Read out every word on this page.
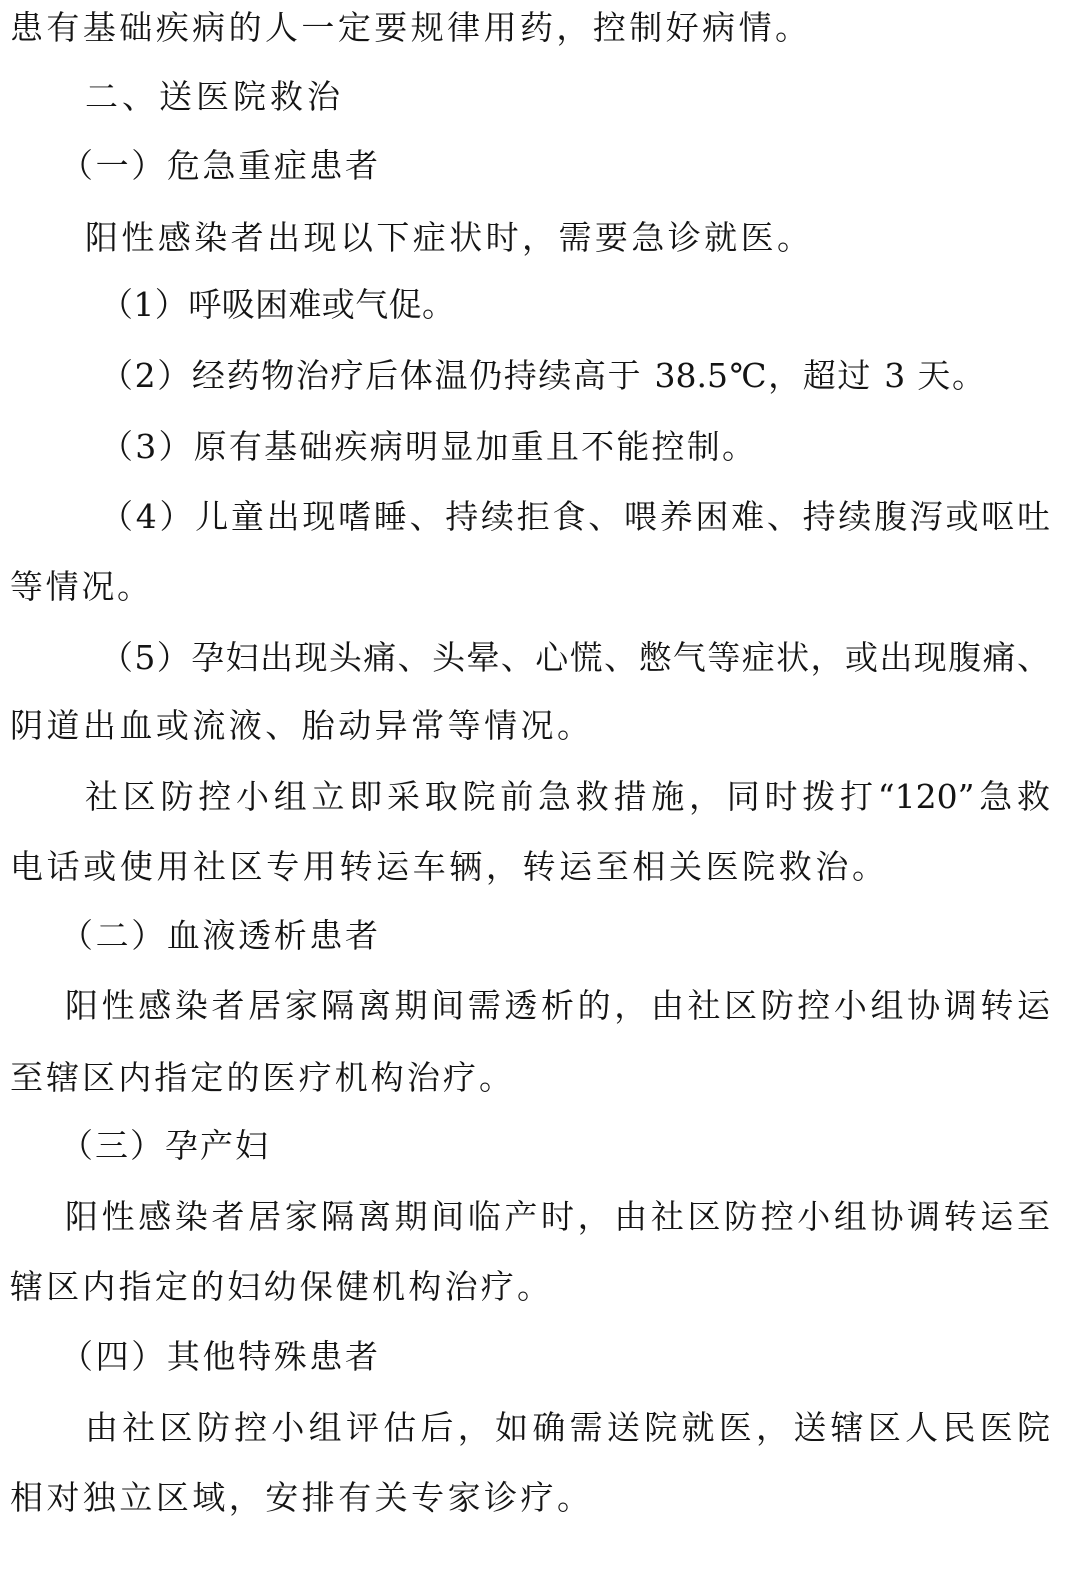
患有基础疾病的人一定要规律用药，控制好病情。
二、送医院救治
（一）危急重症患者
阳性感染者出现以下症状时，需要急诊就医。
（1）呼吸困难或气促。
（2）经药物治疗后体温仍持续高于 38.5℃，超过 3 天。
（3）原有基础疾病明显加重且不能控制。
（4）儿童出现嗜睡、持续拒食、喂养困难、持续腹泻或呕吐
等情况。
（5）孕妇出现头痛、头晕、心慌、憋气等症状，或出现腹痛、
阴道出血或流液、胎动异常等情况。
社区防控小组立即采取院前急救措施，同时拨打“120”急救
电话或使用社区专用转运车辆，转运至相关医院救治。
（二）血液透析患者
阳性感染者居家隔离期间需透析的，由社区防控小组协调转运
至辖区内指定的医疗机构治疗。
（三）孕产妇
阳性感染者居家隔离期间临产时，由社区防控小组协调转运至
辖区内指定的妇幼保健机构治疗。
（四）其他特殊患者
由社区防控小组评估后，如确需送院就医，送辖区人民医院
相对独立区域，安排有关专家诊疗。
